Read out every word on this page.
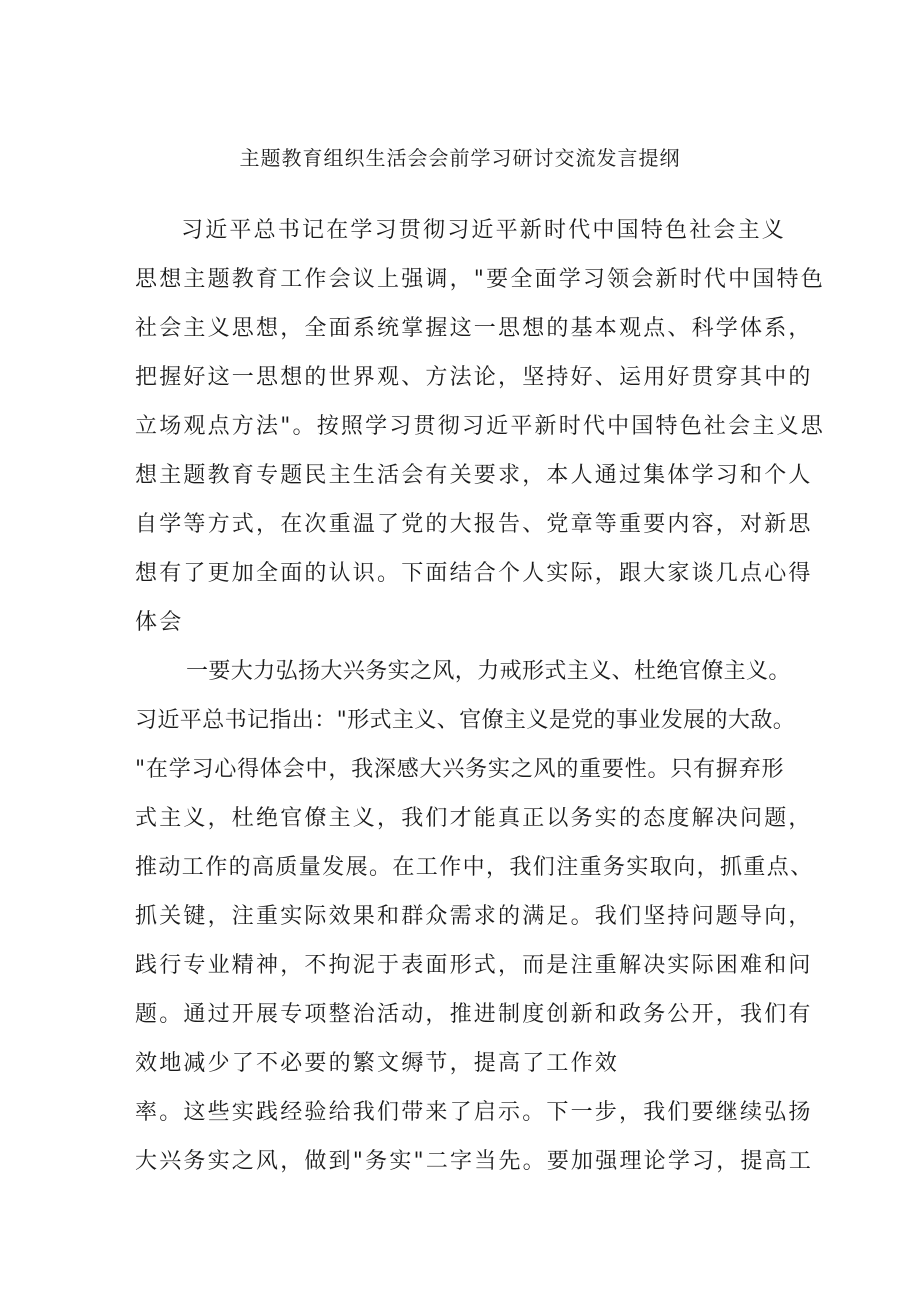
主题教育组织生活会会前学习研讨交流发言提纲

习近平总书记在学习贯彻习近平新时代中国特色社会主义

思想主题教育工作会议上强调，"要全面学习领会新时代中国特色

社会主义思想，全面系统掌握这一思想的基本观点、科学体系，

把握好这一思想的世界观、方法论，坚持好、运用好贯穿其中的

立场观点方法"。按照学习贯彻习近平新时代中国特色社会主义思

想主题教育专题民主生活会有关要求，本人通过集体学习和个人

自学等方式，在次重温了党的大报告、党章等重要内容，对新思

想有了更加全面的认识。下面结合个人实际，跟大家谈几点心得

体会

一要大力弘扬大兴务实之风，力戒形式主义、杜绝官僚主义。

习近平总书记指出："形式主义、官僚主义是党的事业发展的大敌。

"在学习心得体会中，我深感大兴务实之风的重要性。只有摒弃形

式主义，杜绝官僚主义，我们才能真正以务实的态度解决问题，

推动工作的高质量发展。在工作中，我们注重务实取向，抓重点、

抓关键，注重实际效果和群众需求的满足。我们坚持问题导向，

践行专业精神，不拘泥于表面形式，而是注重解决实际困难和问

题。通过开展专项整治活动，推进制度创新和政务公开，我们有

效地减少了不必要的繁文缛节，提高了工作效

率。这些实践经验给我们带来了启示。下一步，我们要继续弘扬

大兴务实之风，做到"务实"二字当先。要加强理论学习，提高工
